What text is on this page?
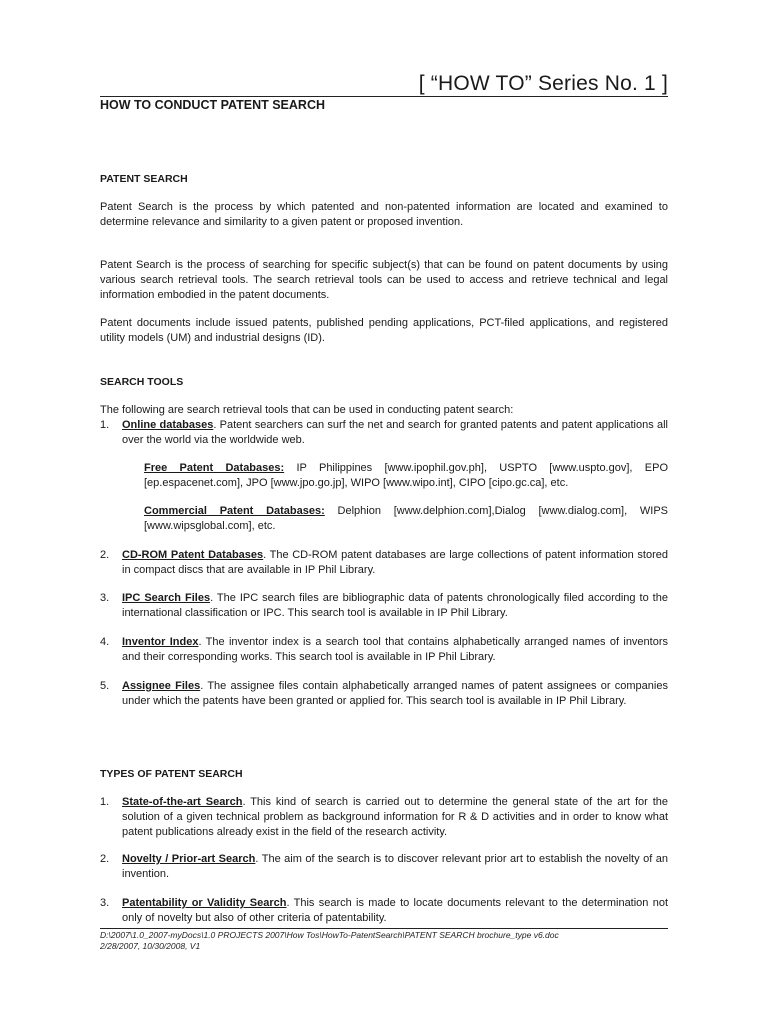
[ “HOW TO” Series No. 1 ]
HOW TO CONDUCT PATENT SEARCH
PATENT SEARCH
Patent Search is the process by which patented and non-patented information are located and examined to determine relevance and similarity to a given patent or proposed invention.
Patent Search is the process of searching for specific subject(s) that can be found on patent documents by using various search retrieval tools. The search retrieval tools can be used to access and retrieve technical and legal information embodied in the patent documents.
Patent documents include issued patents, published pending applications, PCT-filed applications, and registered utility models (UM) and industrial designs (ID).
SEARCH TOOLS
The following are search retrieval tools that can be used in conducting patent search:
1.	Online databases. Patent searchers can surf the net and search for granted patents and patent applications all over the world via the worldwide web.
Free Patent Databases: IP Philippines [www.ipophil.gov.ph], USPTO [www.uspto.gov], EPO [ep.espacenet.com], JPO [www.jpo.go.jp], WIPO [www.wipo.int], CIPO [cipo.gc.ca], etc.
Commercial Patent Databases: Delphion [www.delphion.com],Dialog [www.dialog.com], WIPS [www.wipsglobal.com], etc.
2.	CD-ROM Patent Databases. The CD-ROM patent databases are large collections of patent information stored in compact discs that are available in IP Phil Library.
3.	IPC Search Files. The IPC search files are bibliographic data of patents chronologically filed according to the international classification or IPC. This search tool is available in IP Phil Library.
4.	Inventor Index. The inventor index is a search tool that contains alphabetically arranged names of inventors and their corresponding works. This search tool is available in IP Phil Library.
5.	Assignee Files. The assignee files contain alphabetically arranged names of patent assignees or companies under which the patents have been granted or applied for. This search tool is available in IP Phil Library.
TYPES OF PATENT SEARCH
1.	State-of-the-art Search. This kind of search is carried out to determine the general state of the art for the solution of a given technical problem as background information for R & D activities and in order to know what patent publications already exist in the field of the research activity.
2.	Novelty / Prior-art Search. The aim of the search is to discover relevant prior art to establish the novelty of an invention.
3.	Patentability or Validity Search. This search is made to locate documents relevant to the determination not only of novelty but also of other criteria of patentability.
D:\2007\1.0_2007-myDocs\1.0 PROJECTS 2007\How Tos\HowTo-PatentSearch\PATENT SEARCH brochure_type v6.doc
2/28/2007, 10/30/2008, V1
